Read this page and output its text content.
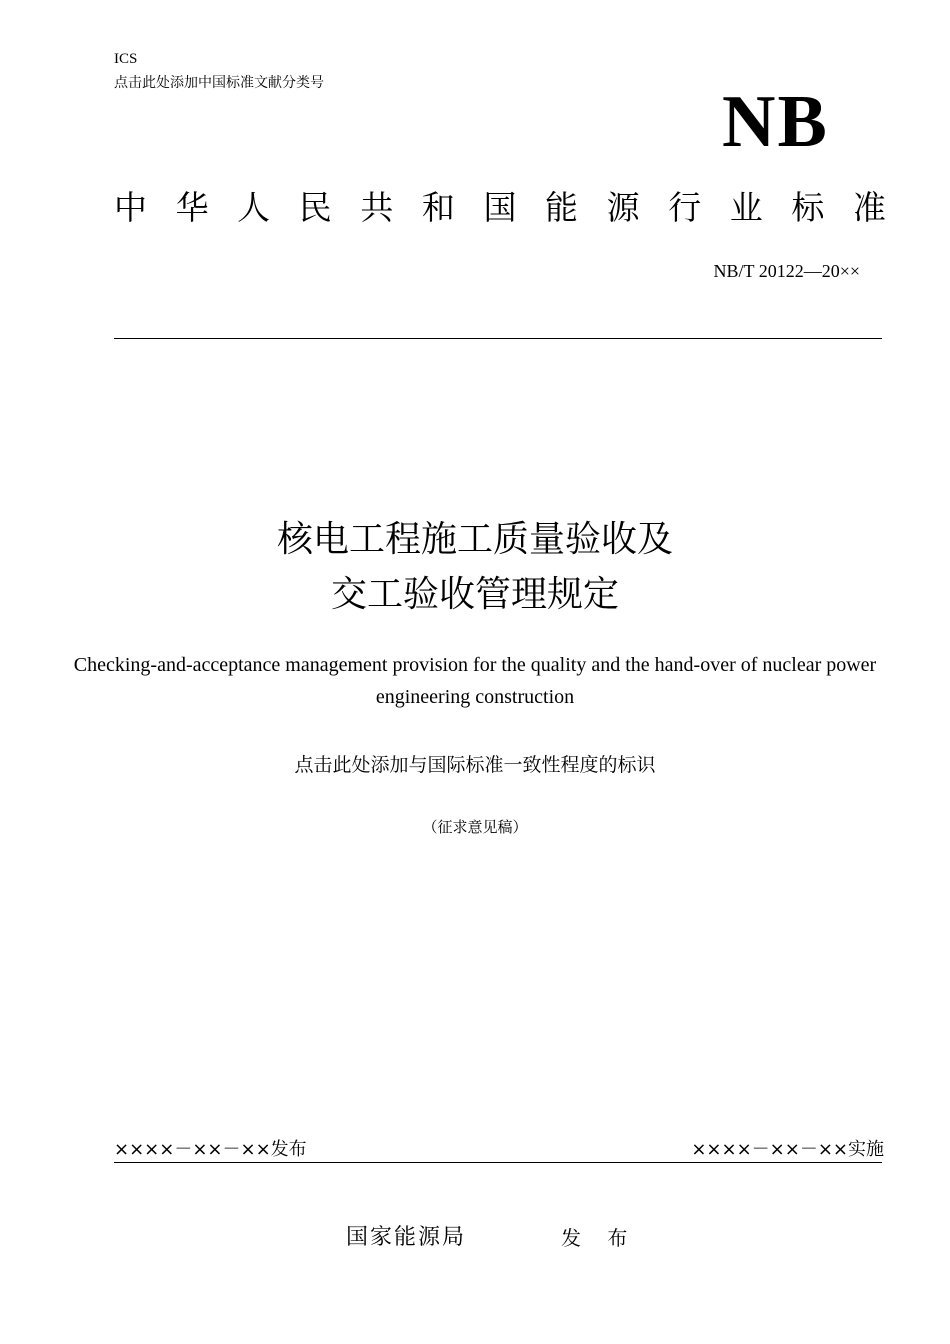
ICS
点击此处添加中国标准文献分类号	NB
中 华 人 民 共 和 国 能 源 行 业 标 准
NB/T 20122—20××
核电工程施工质量验收及
交工验收管理规定
Checking-and-acceptance management provision for the quality and the hand-over of nuclear power engineering construction
点击此处添加与国际标准一致性程度的标识
（征求意见稿）
××××－××－××发布	××××－××－××实施
国家能源局	发 布
